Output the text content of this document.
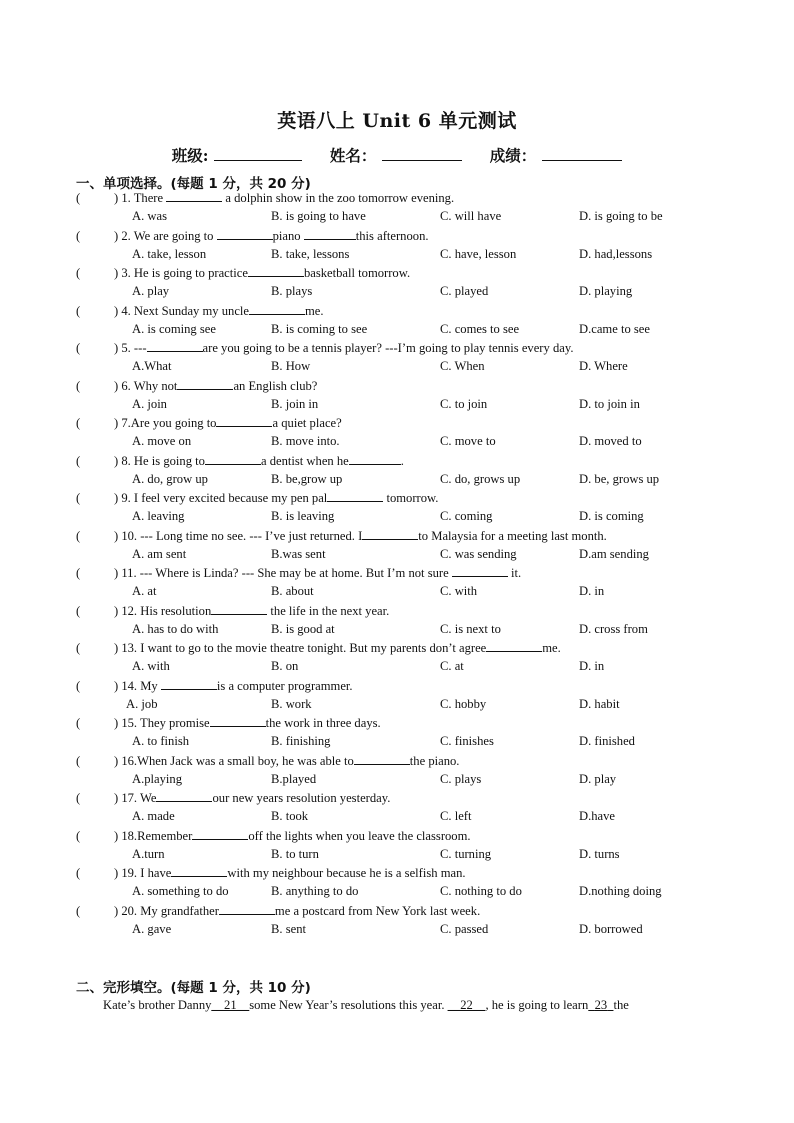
英语八上 Unit 6 单元测试
班级:	姓名：	成绩：
一、单项选择。(每题 1 分，共 20 分)
(	) 1. There	a dolphin show in the zoo tomorrow evening.
A. was	B. is going to have	C. will have	D. is going to be
(	) 2. We are going to	piano	this afternoon.
A. take, lesson	B. take, lessons	C. have, lesson	D. had,lessons
(	) 3. He is going to practice	basketball tomorrow.
A. play	B. plays	C. played	D. playing
(	) 4. Next Sunday my uncle	me.
A. is coming see	B. is coming to see	C. comes to see	D.came to see
(	) 5. ---	are you going to be a tennis player? ---I’m going to play tennis every day.
A.What	B. How	C. When	D. Where
(	) 6. Why not	an English club?
A. join	B. join in	C. to join	D. to join in
(	) 7.Are you going to	a quiet place?
A. move on	B. move into.	C. move to	D. moved to
(	) 8. He is going to	a dentist when he	.
A. do, grow up	B. be,grow up	C. do, grows up	D. be, grows up
(	) 9. I feel very excited because my pen pal	tomorrow.
A. leaving	B. is leaving	C. coming	D. is coming
(	) 10. --- Long time no see. --- I’ve just returned. I	to Malaysia for a meeting last month.
A. am sent	B.was sent	C. was sending	D.am sending
(	) 11. --- Where is Linda? --- She may be at home. But I’m not sure	it.
A. at	B. about	C. with	D. in
(	) 12. His resolution	the life in the next year.
A. has to do with	B. is good at	C. is next to	D. cross from
(	) 13. I want to go to the movie theatre tonight. But my parents don’t agree	me.
A. with	B. on	C. at	D. in
(	) 14. My	is a computer programmer.
A. job	B. work	C. hobby	D. habit
(	) 15. They promise	the work in three days.
A. to finish	B. finishing	C. finishes	D. finished
(	) 16.When Jack was a small boy, he was able to	the piano.
A.playing	B.played	C. plays	D. play
(	) 17. We	our new years resolution yesterday.
A. made	B. took	C. left	D.have
(	) 18.Remember	off the lights when you leave the classroom.
A.turn	B. to turn	C. turning	D. turns
(	) 19. I have	with my neighbour because he is a selfish man.
A. something to do	B. anything to do	C. nothing to do	D.nothing doing
(	) 20. My grandfather	me a postcard from New York last week.
A. gave	B. sent	C. passed	D. borrowed
二、完形填空。(每题 1 分，共 10 分)
Kate’s brother Danny__21__some New Year’s resolutions this year. __22__, he is going to learn 23 the
